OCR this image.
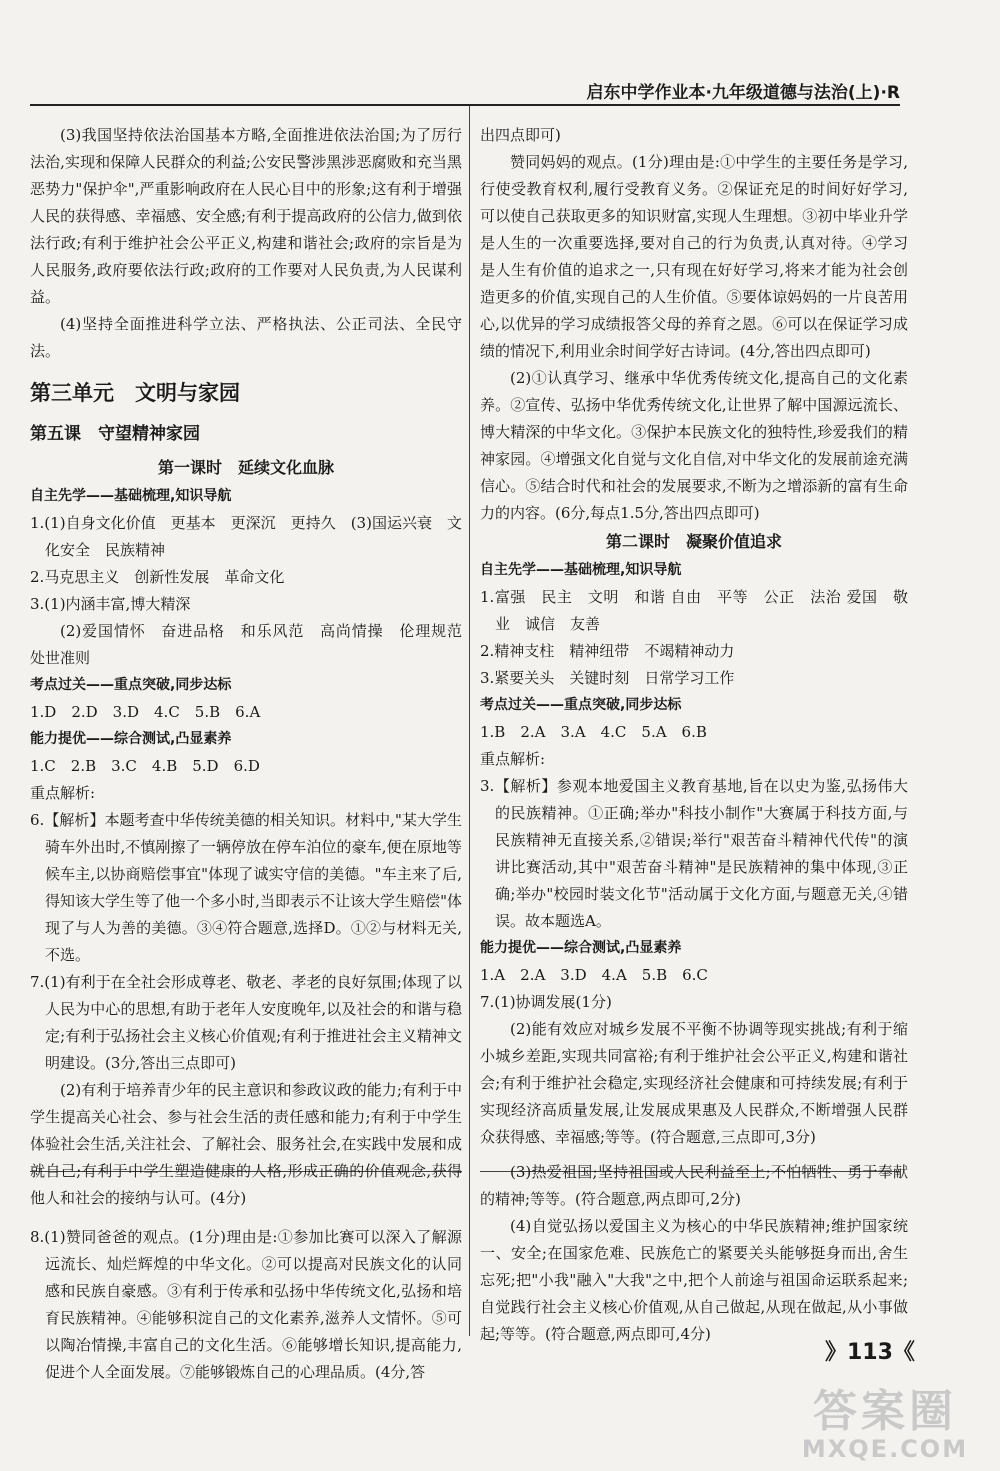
启东中学作业本·九年级道德与法治(上)·R

(3)我国坚持依法治国基本方略,全面推进依法治国;为了厉行法治,实现和保障人民群众的利益;公安民警涉黑涉恶腐败和充当黑恶势力"保护伞",严重影响政府在人民心目中的形象;这有利于增强人民的获得感、幸福感、安全感;有利于提高政府的公信力,做到依法行政;有利于维护社会公平正义,构建和谐社会;政府的宗旨是为人民服务,政府要依法行政;政府的工作要对人民负责,为人民谋利益。

(4)坚持全面推进科学立法、严格执法、公正司法、全民守法。

第三单元　文明与家园
第五课　守望精神家园
第一课时　延续文化血脉
自主先学——基础梳理,知识导航

1.(1)自身文化价值　更基本　更深沉　更持久　(3)国运兴衰　文化安全　民族精神

2.马克思主义　创新性发展　革命文化

3.(1)内涵丰富,博大精深

(2)爱国情怀　奋进品格　和乐风范　高尚情操　伦理规范　处世准则

考点过关——重点突破,同步达标

1.D　2.D　3.D　4.C　5.B　6.A

能力提优——综合测试,凸显素养

1.C　2.B　3.C　4.B　5.D　6.D

重点解析:

6.【解析】本题考查中华传统美德的相关知识。材料中,"某大学生骑车外出时,不慎剐擦了一辆停放在停车泊位的豪车,便在原地等候车主,以协商赔偿事宜"体现了诚实守信的美德。"车主来了后,得知该大学生等了他一个多小时,当即表示不让该大学生赔偿"体现了与人为善的美德。③④符合题意,选择D。①②与材料无关,不选。

7.(1)有利于在全社会形成尊老、敬老、孝老的良好氛围;体现了以人民为中心的思想,有助于老年人安度晚年,以及社会的和谐与稳定;有利于弘扬社会主义核心价值观;有利于推进社会主义精神文明建设。(3分,答出三点即可)

(2)有利于培养青少年的民主意识和参政议政的能力;有利于中学生提高关心社会、参与社会生活的责任感和能力;有利于中学生体验社会生活,关注社会、了解社会、服务社会,在实践中发展和成就自己;有利于中学生塑造健康的人格,形成正确的价值观念,获得他人和社会的接纳与认可。(4分)

8.(1)赞同爸爸的观点。(1分)理由是:①参加比赛可以深入了解源远流长、灿烂辉煌的中华文化。②可以提高对民族文化的认同感和民族自豪感。③有利于传承和弘扬中华传统文化,弘扬和培育民族精神。④能够积淀自己的文化素养,滋养人文情怀。⑤可以陶冶情操,丰富自己的文化生活。⑥能够增长知识,提高能力,促进个人全面发展。⑦能够锻炼自己的心理品质。(4分,答

出四点即可)

赞同妈妈的观点。(1分)理由是:①中学生的主要任务是学习,行使受教育权利,履行受教育义务。②保证充足的时间好好学习,可以使自己获取更多的知识财富,实现人生理想。③初中毕业升学是人生的一次重要选择,要对自己的行为负责,认真对待。④学习是人生有价值的追求之一,只有现在好好学习,将来才能为社会创造更多的价值,实现自己的人生价值。⑤要体谅妈妈的一片良苦用心,以优异的学习成绩报答父母的养育之恩。⑥可以在保证学习成绩的情况下,利用业余时间学好古诗词。(4分,答出四点即可)

(2)①认真学习、继承中华优秀传统文化,提高自己的文化素养。②宣传、弘扬中华优秀传统文化,让世界了解中国源远流长、博大精深的中华文化。③保护本民族文化的独特性,珍爱我们的精神家园。④增强文化自觉与文化自信,对中华文化的发展前途充满信心。⑤结合时代和社会的发展要求,不断为之增添新的富有生命力的内容。(6分,每点1.5分,答出四点即可)

第二课时　凝聚价值追求
自主先学——基础梳理,知识导航

1.富强　民主　文明　和谐 自由　平等　公正　法治 爱国　敬业　诚信　友善

2.精神支柱　精神纽带　不竭精神动力

3.紧要关头　关键时刻　日常学习工作

考点过关——重点突破,同步达标

1.B　2.A　3.A　4.C　5.A　6.B

重点解析:

3.【解析】参观本地爱国主义教育基地,旨在以史为鉴,弘扬伟大的民族精神。①正确;举办"科技小制作"大赛属于科技方面,与民族精神无直接关系,②错误;举行"艰苦奋斗精神代代传"的演讲比赛活动,其中"艰苦奋斗精神"是民族精神的集中体现,③正确;举办"校园时装文化节"活动属于文化方面,与题意无关,④错误。故本题选A。

能力提优——综合测试,凸显素养

1.A　2.A　3.D　4.A　5.B　6.C

7.(1)协调发展(1分)

(2)能有效应对城乡发展不平衡不协调等现实挑战;有利于缩小城乡差距,实现共同富裕;有利于维护社会公平正义,构建和谐社会;有利于维护社会稳定,实现经济社会健康和可持续发展;有利于实现经济高质量发展,让发展成果惠及人民群众,不断增强人民群众获得感、幸福感;等等。(符合题意,三点即可,3分)

(3)热爱祖国;坚持祖国或人民利益至上;不怕牺牲、勇于奉献的精神;等等。(符合题意,两点即可,2分)

(4)自觉弘扬以爱国主义为核心的中华民族精神;维护国家统一、安全;在国家危难、民族危亡的紧要关头能够挺身而出,舍生忘死;把"小我"融入"大我"之中,把个人前途与祖国命运联系起来;自觉践行社会主义核心价值观,从自己做起,从现在做起,从小事做起;等等。(符合题意,两点即可,4分)

》113《
答案圈
MXQE.COM
